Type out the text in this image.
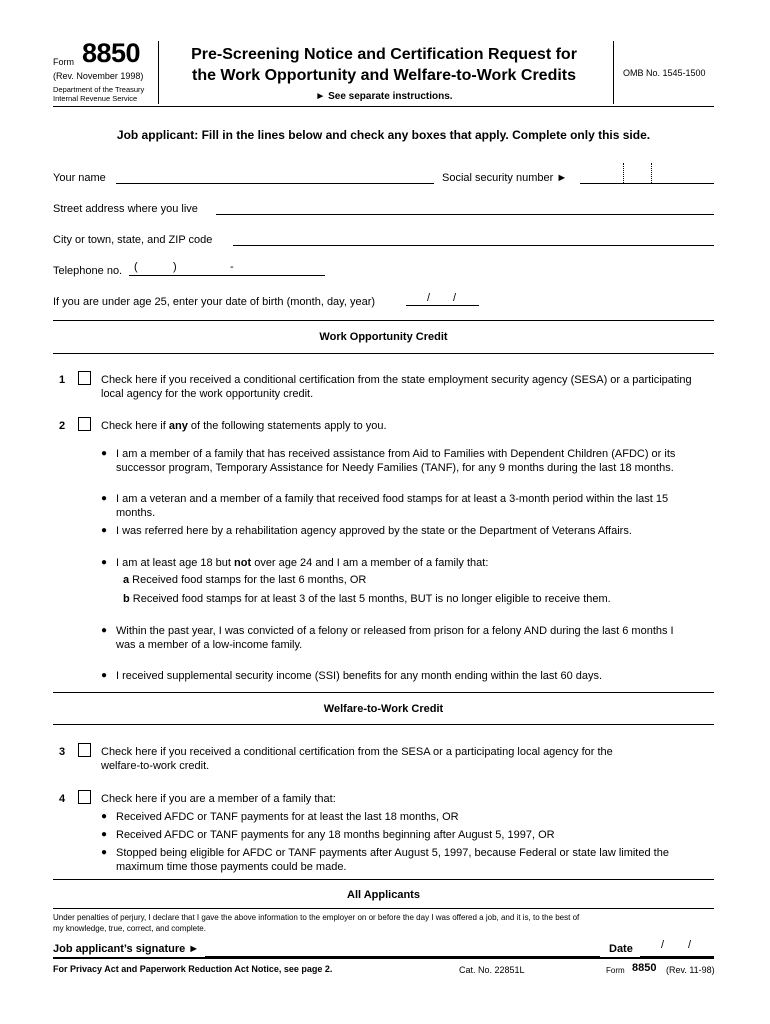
Form 8850
(Rev. November 1998)
Department of the Treasury
Internal Revenue Service
Pre-Screening Notice and Certification Request for
the Work Opportunity and Welfare-to-Work Credits
► See separate instructions.
OMB No. 1545-1500
Job applicant: Fill in the lines below and check any boxes that apply. Complete only this side.
Your name	Social security number ►
Street address where you live
City or town, state, and ZIP code
Telephone no. (	)	-
If you are under age 25, enter your date of birth (month, day, year)	/ /
Work Opportunity Credit
1	Check here if you received a conditional certification from the state employment security agency (SESA) or a participating
local agency for the work opportunity credit.
2	Check here if any of the following statements apply to you.
● I am a member of a family that has received assistance from Aid to Families with Dependent Children (AFDC) or its
successor program, Temporary Assistance for Needy Families (TANF), for any 9 months during the last 18 months.
● I am a veteran and a member of a family that received food stamps for at least a 3-month period within the last 15
months.
● I was referred here by a rehabilitation agency approved by the state or the Department of Veterans Affairs.
● I am at least age 18 but not over age 24 and I am a member of a family that:
a Received food stamps for the last 6 months, OR
b Received food stamps for at least 3 of the last 5 months, BUT is no longer eligible to receive them.
● Within the past year, I was convicted of a felony or released from prison for a felony AND during the last 6 months I
was a member of a low-income family.
● I received supplemental security income (SSI) benefits for any month ending within the last 60 days.
Welfare-to-Work Credit
3	Check here if you received a conditional certification from the SESA or a participating local agency for the
welfare-to-work credit.
4	Check here if you are a member of a family that:
● Received AFDC or TANF payments for at least the last 18 months, OR
● Received AFDC or TANF payments for any 18 months beginning after August 5, 1997, OR
● Stopped being eligible for AFDC or TANF payments after August 5, 1997, because Federal or state law limited the
maximum time those payments could be made.
All Applicants
Under penalties of perjury, I declare that I gave the above information to the employer on or before the day I was offered a job, and it is, to the best of
my knowledge, true, correct, and complete.
Job applicant’s signature ►	Date	/ /
For Privacy Act and Paperwork Reduction Act Notice, see page 2.	Cat. No. 22851L	Form 8850 (Rev. 11-98)
